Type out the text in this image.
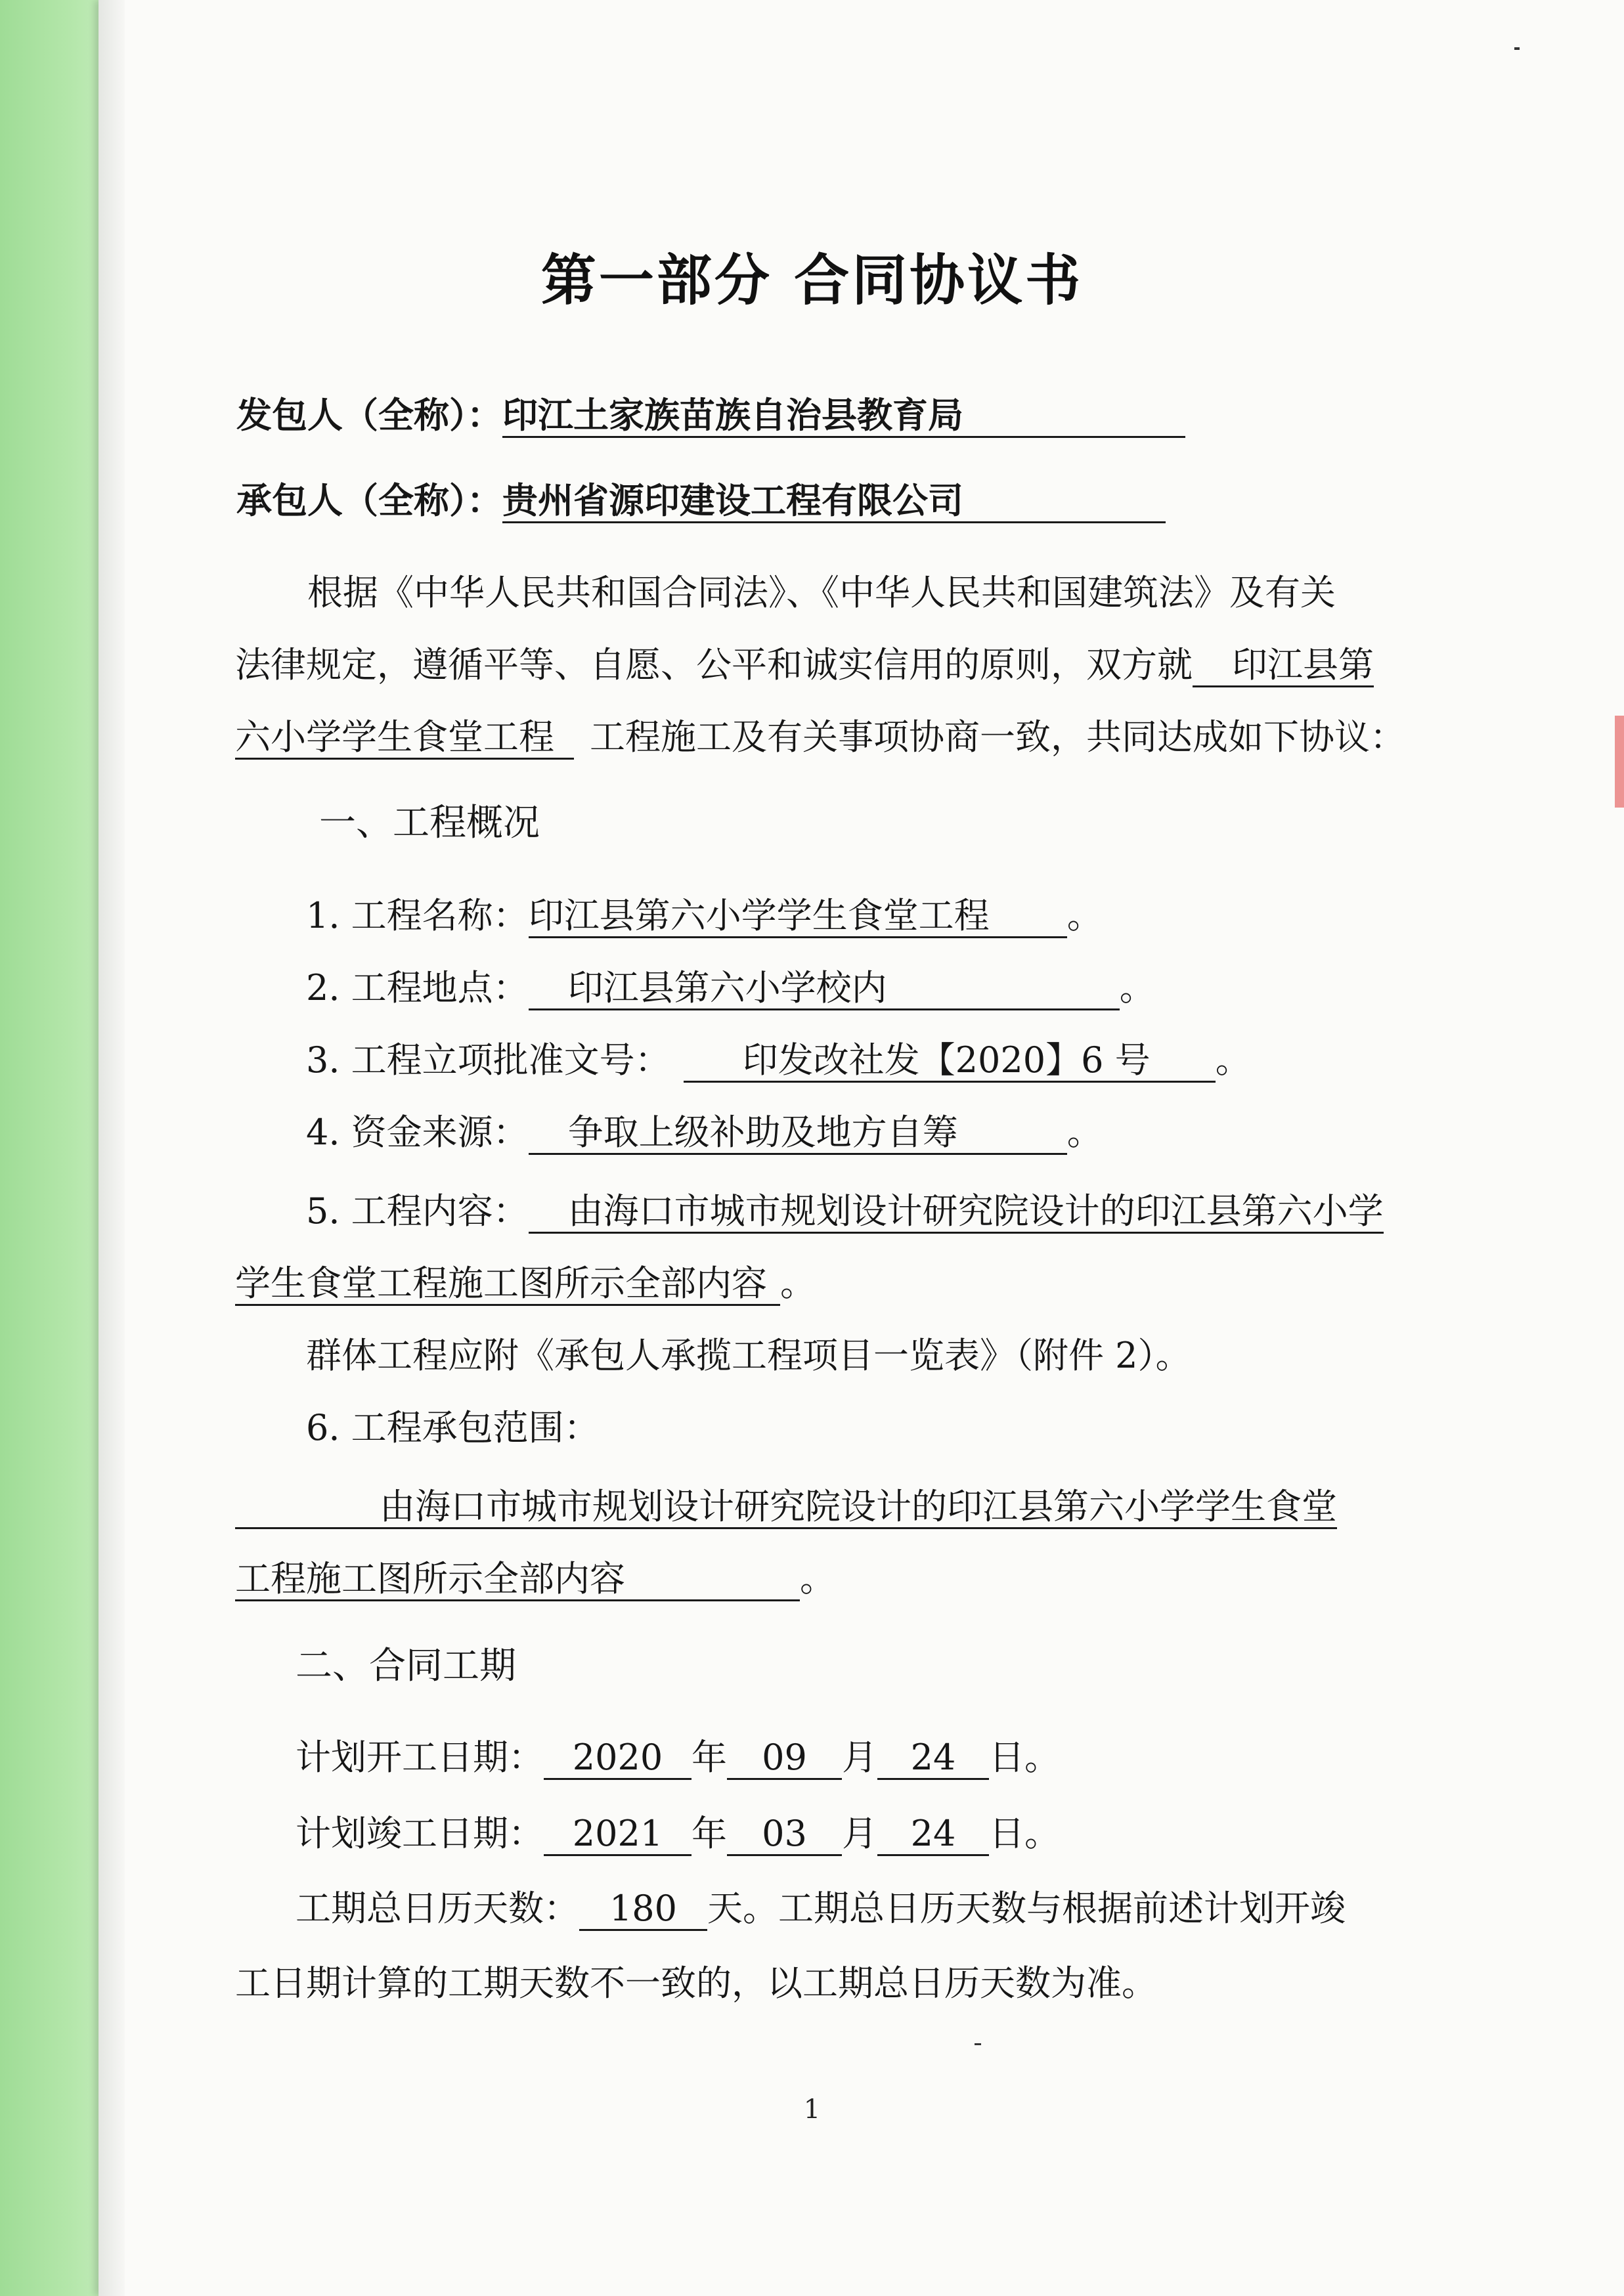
第一部分 合同协议书
发包人（全称）：印江土家族苗族自治县教育局
承包人（全称）：贵州省源印建设工程有限公司
根据《中华人民共和国合同法》、《中华人民共和国建筑法》及有关
法律规定，遵循平等、自愿、公平和诚实信用的原则，双方就 印江县第
六小学学生食堂工程 工程施工及有关事项协商一致，共同达成如下协议：
一、工程概况
1. 工程名称：印江县第六小学学生食堂工程 。
2. 工程地点： 印江县第六小学校内	。
3. 工程立项批准文号： 印发改社发【2020】6 号 。
4. 资金来源： 争取上级补助及地方自筹	。
5. 工程内容： 由海口市城市规划设计研究院设计的印江县第六小学
学生食堂工程施工图所示全部内容 。
群体工程应附《承包人承揽工程项目一览表》（附件 2）。
6. 工程承包范围：
由海口市城市规划设计研究院设计的印江县第六小学学生食堂
工程施工图所示全部内容	。
二、合同工期
计划开工日期： 2020 年 09 月 24 日。
计划竣工日期： 2021 年 03 月 24 日。
工期总日历天数： 180 天。工期总日历天数与根据前述计划开竣
工日期计算的工期天数不一致的，以工期总日历天数为准。
1
